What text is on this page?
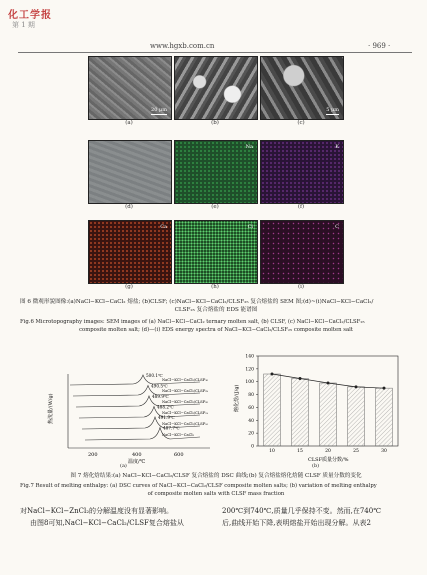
化工学报
第 1 期
www.hgxb.com.cn	· 969 ·
20 μm	5 μm
(a)	(b)	(c)
Na	K
(d)	(e)	(f)
Ca	Cl	C
(g)	(h)	(i)
图 6 微观形貌图像:(a)NaCl−KCl−CaCl₂ 熔盐; (b)CLSF; (c)NaCl−KCl−CaCl₂/CLSF₂₅ 复合熔盐的 SEM 图;(d)~(i)NaCl−KCl−CaCl₂/
CLSF₂₅ 复合熔盐的 EDS 能谱图
Fig.6 Microtopography images: SEM images of (a) NaCl−KCl−CaCl₂ ternary molten salt, (b) CLSF, (c) NaCl−KCl−CaCl₂/CLSF₂₅
composite molten salt; (d)—(i) EDS energy spectra of NaCl−KCl−CaCl₂/CLSF₂₅ composite molten salt
500.1℃
NaCl−KCl−CaCl₂/CLSF₃₀
490.5℃
NaCl−KCl−CaCl₂/CLSF₂₅
489.9℃
NaCl−KCl−CaCl₂/CLSF₂₀
488.2℃
NaCl−KCl−CaCl₂/CLSF₁₅
491.9℃
NaCl−KCl−CaCl₂/CLSF₁₀
487.7℃
NaCl−KCl−CaCl₂
热流量/(W/g)
200	400	600
温度/℃
(a)
0
20
40
60
80
100
120
140
10	15	20	25	30
熔化焓/(J/g)
CLSF质量分数/%
(b)
图 7 熔化焓结果:(a) NaCl−KCl−CaCl₂/CLSF 复合熔盐的 DSC 曲线;(b) 复合熔盐熔化焓随 CLSF 质量分数的变化
Fig.7 Result of melting enthalpy: (a) DSC curves of NaCl−KCl−CaCl₂/CLSF composite molten salts; (b) variation of melting enthalpy
of composite molten salts with CLSF mass fraction
对NaCl−KCl−ZnCl₂的分解温度没有显著影响。
由图8可知,NaCl−KCl−CaCl₂/CLSF复合熔盐从
200℃到740℃,质量几乎保持不变。然而,在740℃
后,曲线开始下降,表明熔盐开始出现分解。从表2
